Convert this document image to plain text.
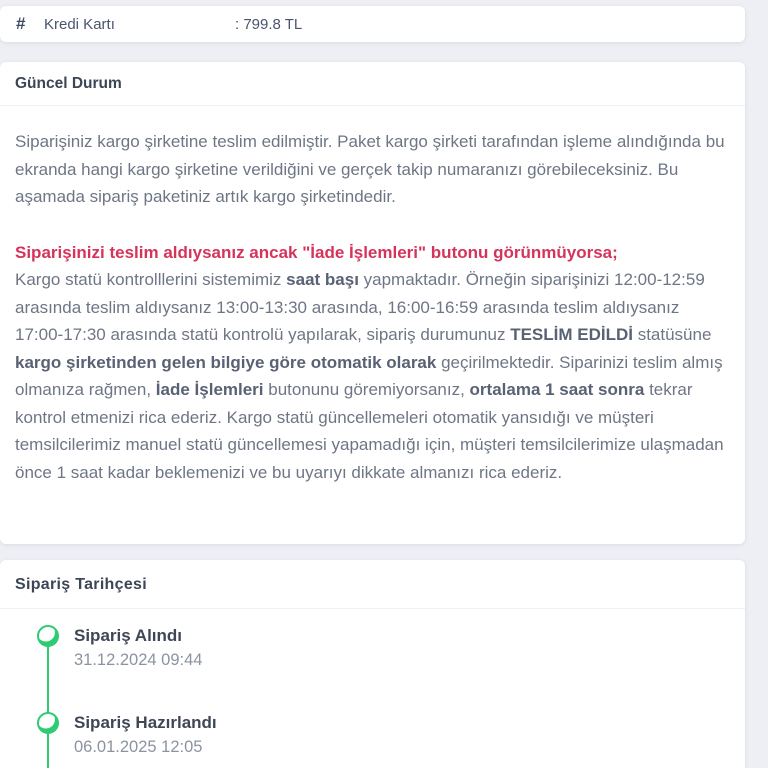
#	Kredi Kartı	: 799.8 TL
Güncel Durum

Siparişiniz kargo şirketine teslim edilmiştir. Paket kargo şirketi tarafından işleme alındığında bu ekranda hangi kargo şirketine verildiğini ve gerçek takip numaranızı görebileceksiniz. Bu aşamada sipariş paketiniz artık kargo şirketindedir.

Siparişinizi teslim aldıysanız ancak "İade İşlemleri" butonu görünmüyorsa;

Kargo statü kontrolllerini sistemimiz saat başı yapmaktadır. Örneğin siparişinizi 12:00-12:59 arasında teslim aldıysanız 13:00-13:30 arasında, 16:00-16:59 arasında teslim aldıysanız 17:00-17:30 arasında statü kontrolü yapılarak, sipariş durumunuz TESLİM EDİLDİ statüsüne kargo şirketinden gelen bilgiye göre otomatik olarak geçirilmektedir. Siparinizi teslim almış olmanıza rağmen, İade İşlemleri butonunu göremiyorsanız, ortalama 1 saat sonra tekrar kontrol etmenizi rica ederiz. Kargo statü güncellemeleri otomatik yansıdığı ve müşteri temsilcilerimiz manuel statü güncellemesi yapamadığı için, müşteri temsilcilerimize ulaşmadan önce 1 saat kadar beklemenizi ve bu uyarıyı dikkate almanızı rica ederiz.

Sipariş Tarihçesi
Sipariş Alındı
31.12.2024 09:44
Sipariş Hazırlandı
06.01.2025 12:05
